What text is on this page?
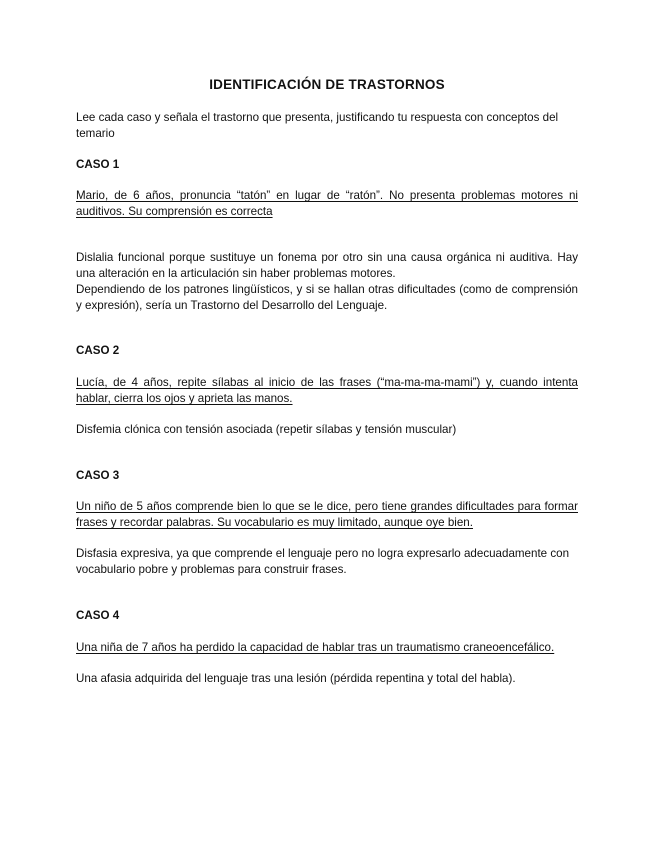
IDENTIFICACIÓN DE TRASTORNOS

Lee cada caso y señala el trastorno que presenta, justificando tu respuesta con conceptos del temario

CASO 1

Mario, de 6 años, pronuncia “tatón” en lugar de “ratón”. No presenta problemas motores ni auditivos. Su comprensión es correcta

Dislalia funcional porque sustituye un fonema por otro sin una causa orgánica ni auditiva. Hay una alteración en la articulación sin haber problemas motores.

Dependiendo de los patrones lingüísticos, y si se hallan otras dificultades (como de comprensión y expresión), sería un Trastorno del Desarrollo del Lenguaje.

CASO 2

Lucía, de 4 años, repite sílabas al inicio de las frases (“ma-ma-ma-mami”) y, cuando intenta hablar, cierra los ojos y aprieta las manos.

Disfemia clónica con tensión asociada (repetir sílabas y tensión muscular)

CASO 3

Un niño de 5 años comprende bien lo que se le dice, pero tiene grandes dificultades para formar frases y recordar palabras. Su vocabulario es muy limitado, aunque oye bien.

Disfasia expresiva, ya que comprende el lenguaje pero no logra expresarlo adecuadamente con vocabulario pobre y problemas para construir frases.

CASO 4

Una niña de 7 años ha perdido la capacidad de hablar tras un traumatismo craneoencefálico.

Una afasia adquirida del lenguaje tras una lesión (pérdida repentina y total del habla).
